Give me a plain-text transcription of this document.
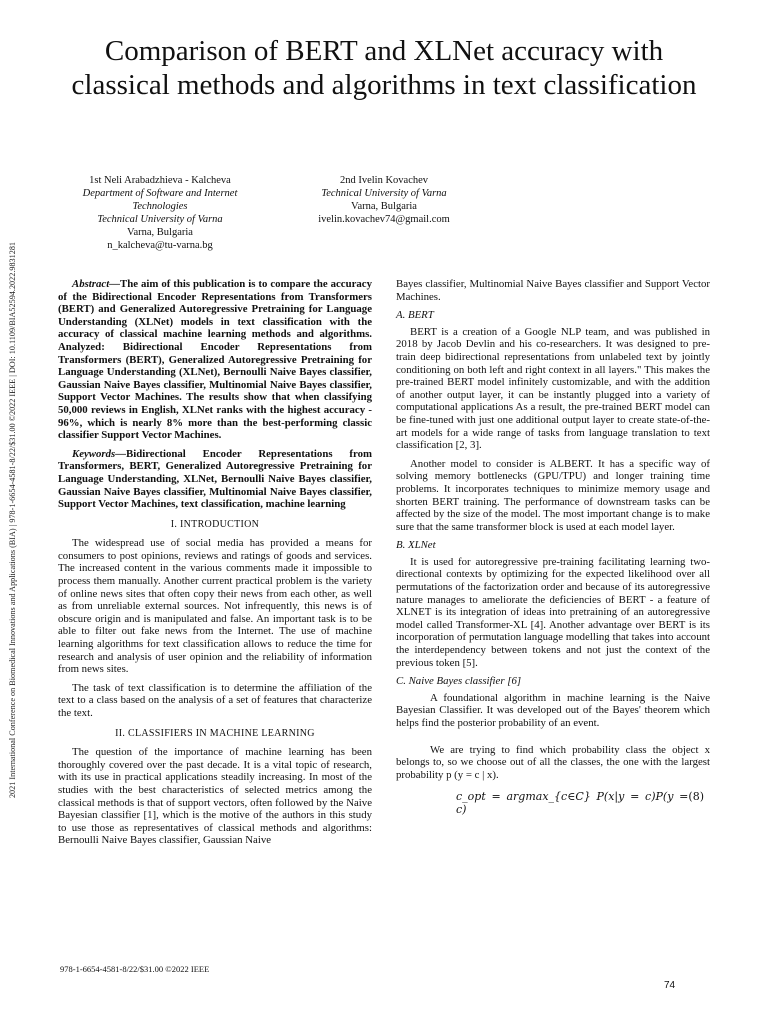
Comparison of BERT and XLNet accuracy with classical methods and algorithms in text classification
1st Neli Arabadzhieva - Kalcheva
Department of Software and Internet Technologies
Technical University of Varna
Varna, Bulgaria
n_kalcheva@tu-varna.bg
2nd Ivelin Kovachev
Technical University of Varna
Varna, Bulgaria
ivelin.kovachev74@gmail.com
2021 International Conference on Biomedical Innovations and Applications (BIA) | 978-1-6654-4581-8/22/$31.00 ©2022 IEEE | DOI: 10.1109/BIA52594.2022.9831281	Abstract—The aim of this publication is to compare the accuracy of the Bidirectional Encoder Representations from Transformers (BERT) and Generalized Autoregressive Pretraining for Language Understanding (XLNet) models in text classification with the accuracy of classical machine learning methods and algorithms. Analyzed: Bidirectional Encoder Representations from Transformers (BERT), Generalized Autoregressive Pretraining for Language Understanding (XLNet), Bernoulli Naive Bayes classifier, Gaussian Naive Bayes classifier, Multinomial Naive Bayes classifier, Support Vector Machines. The results show that when classifying 50,000 reviews in English, XLNet ranks with the highest accuracy - 96%, which is nearly 8% more than the best-performing classic classifier Support Vector Machines.

Keywords—Bidirectional Encoder Representations from Transformers, BERT, Generalized Autoregressive Pretraining for Language Understanding, XLNet, Bernoulli Naive Bayes classifier, Gaussian Naive Bayes classifier, Multinomial Naive Bayes classifier, Support Vector Machines, text classification, machine learning

I. INTRODUCTION

The widespread use of social media has provided a means for consumers to post opinions, reviews and ratings of goods and services. The increased content in the various comments made it impossible to process them manually. Another current practical problem is the variety of online news sites that often copy their news from each other, as well as from unreliable external sources. Not infrequently, this news is of obscure origin and is manipulated and false. An important task is to be able to filter out fake news from the Internet. The use of machine learning algorithms for text classification allows to reduce the time for research and analysis of user opinion and the reliability of information from news sites.

The task of text classification is to determine the affiliation of the text to a class based on the analysis of a set of features that characterize the text.

II. CLASSIFIERS IN MACHINE LEARNING

The question of the importance of machine learning has been thoroughly covered over the past decade. It is a vital topic of research, with its use in practical applications steadily increasing. In most of the studies with the best characteristics of selected metrics among the classical methods is that of support vectors, often followed by the Naive Bayesian classifier [1], which is the motive of the authors in this study to use those as representatives of classical methods and algorithms: Bernoulli Naive Bayes classifier, Gaussian Naive

Bayes classifier, Multinomial Naive Bayes classifier and Support Vector Machines.

A. BERT

BERT is a creation of a Google NLP team, and was published in 2018 by Jacob Devlin and his co-researchers. It was designed to pre-train deep bidirectional representations from unlabeled text by jointly conditioning on both left and right context in all layers." This makes the pre-trained BERT model infinitely customizable, and with the addition of another output layer, it can be instantly plugged into a variety of computational applications As a result, the pre-trained BERT model can be fine-tuned with just one additional output layer to create state-of-the-art models for a wide range of tasks from language translation to text classification [2, 3].

Another model to consider is ALBERT. It has a specific way of solving memory bottlenecks (GPU/TPU) and longer training time problems. It incorporates techniques to minimize memory usage and shorten BERT training. The performance of downstream tasks can be affected by the size of the model. The most important change is to make sure that the same transformer block is used at each model layer.

B. XLNet

It is used for autoregressive pre-training facilitating learning two-directional contexts by optimizing for the expected likelihood over all permutations of the factorization order and because of its autoregressive nature manages to ameliorate the deficiencies of BERT - a feature of XLNET is its integration of ideas into pretraining of an autoregressive model called Transformer-XL [4]. Another advantage over BERT is its incorporation of permutation language modelling that takes into account the interdependency between tokens and not just the context of the previous token [5].

C. Naive Bayes classifier [6]

A foundational algorithm in machine learning is the Naive Bayesian Classifier. It was developed out of the Bayes' theorem which helps find the posterior probability of an event.

We are trying to find which probability class the object x belongs to, so we choose out of all the classes, the one with the largest probability p (y = c | x).

c_opt = argmax_{c∈C} P(x|y = c)P(y = c)
(8)
978-1-6654-4581-8/22/$31.00 ©2022 IEEE
74
